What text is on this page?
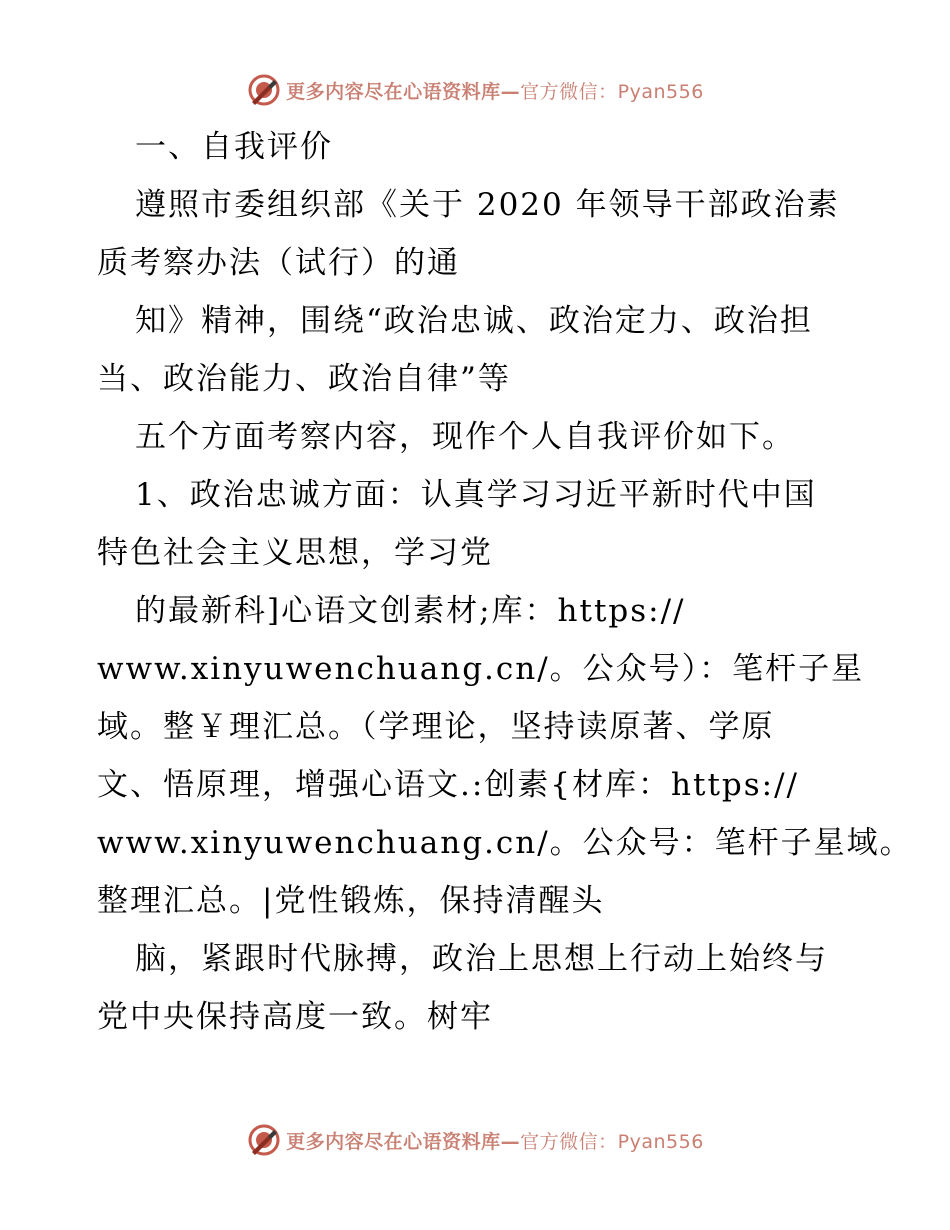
更多内容尽在心语资料库—官方微信：Pyan556
一、自我评价
遵照市委组织部《关于 2020 年领导干部政治素
质考察办法（试行）的通
知》精神，围绕“政治忠诚、政治定力、政治担
当、政治能力、政治自律”等
五个方面考察内容，现作个人自我评价如下。
1、政治忠诚方面：认真学习习近平新时代中国
特色社会主义思想，学习党
的最新科]心语文创素材;库：https://
www.xinyuwenchuang.cn/。公众号）：笔杆子星
域。整￥理汇总。（学理论，坚持读原著、学原
文、悟原理，增强心语文.:创素{材库：https://
www.xinyuwenchuang.cn/。公众号：笔杆子星域。
整理汇总。|党性锻炼，保持清醒头
脑，紧跟时代脉搏，政治上思想上行动上始终与
党中央保持高度一致。树牢
更多内容尽在心语资料库—官方微信：Pyan556
